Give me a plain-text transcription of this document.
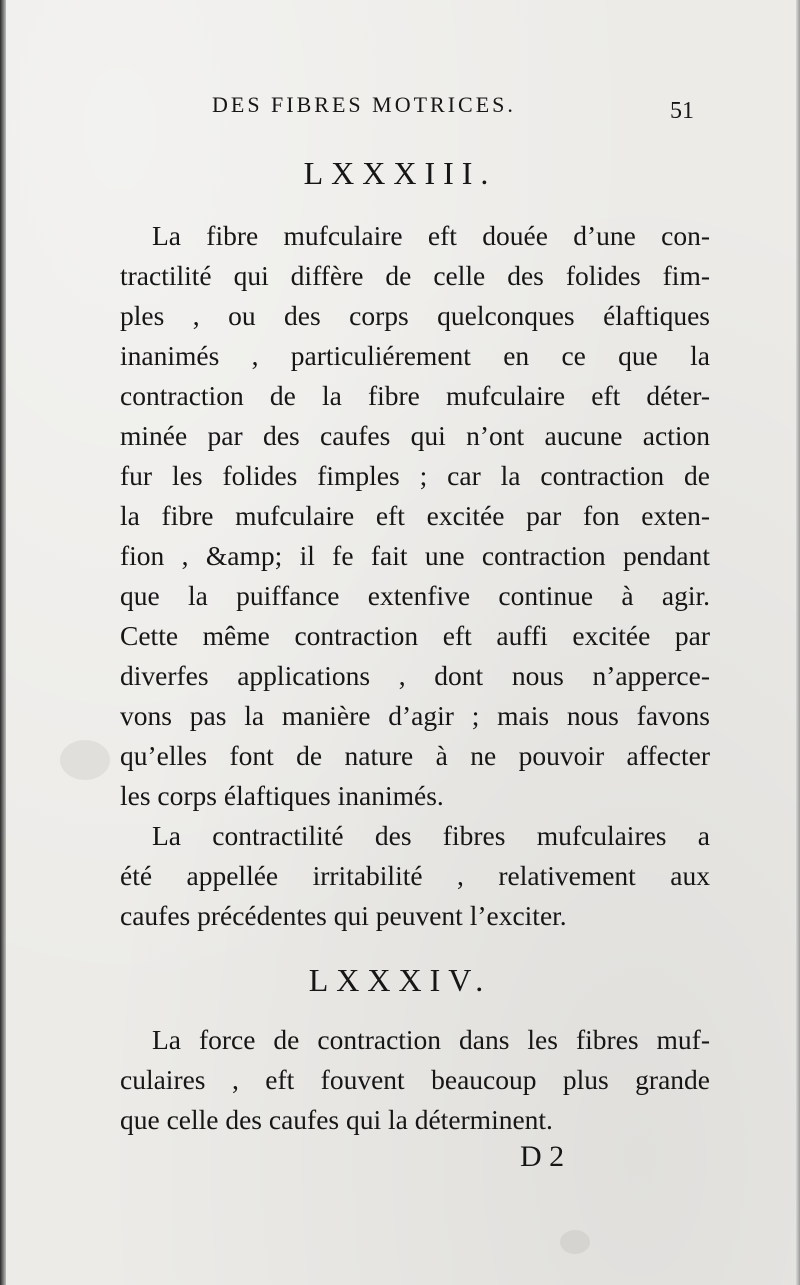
DES FIBRES MOTRICES.	51
LXXXIII.
La fibre mufculaire eft douée d’une con-
tractilité qui diffère de celle des folides fim-
ples , ou des corps quelconques élaftiques
inanimés , particuliérement en ce que la
contraction de la fibre mufculaire eft déter-
minée par des caufes qui n’ont aucune action
fur les folides fimples ; car la contraction de
la fibre mufculaire eft excitée par fon exten-
fion , &amp; il fe fait une contraction pendant
que la puiffance extenfive continue à agir.
Cette même contraction eft auffi excitée par
diverfes applications , dont nous n’apperce-
vons pas la manière d’agir ; mais nous favons
qu’elles font de nature à ne pouvoir affecter
les corps élaftiques inanimés.
La contractilité des fibres mufculaires a
été appellée irritabilité , relativement aux
caufes précédentes qui peuvent l’exciter.
LXXXIV.
La force de contraction dans les fibres muf-
culaires , eft fouvent beaucoup plus grande
que celle des caufes qui la déterminent.
D 2
